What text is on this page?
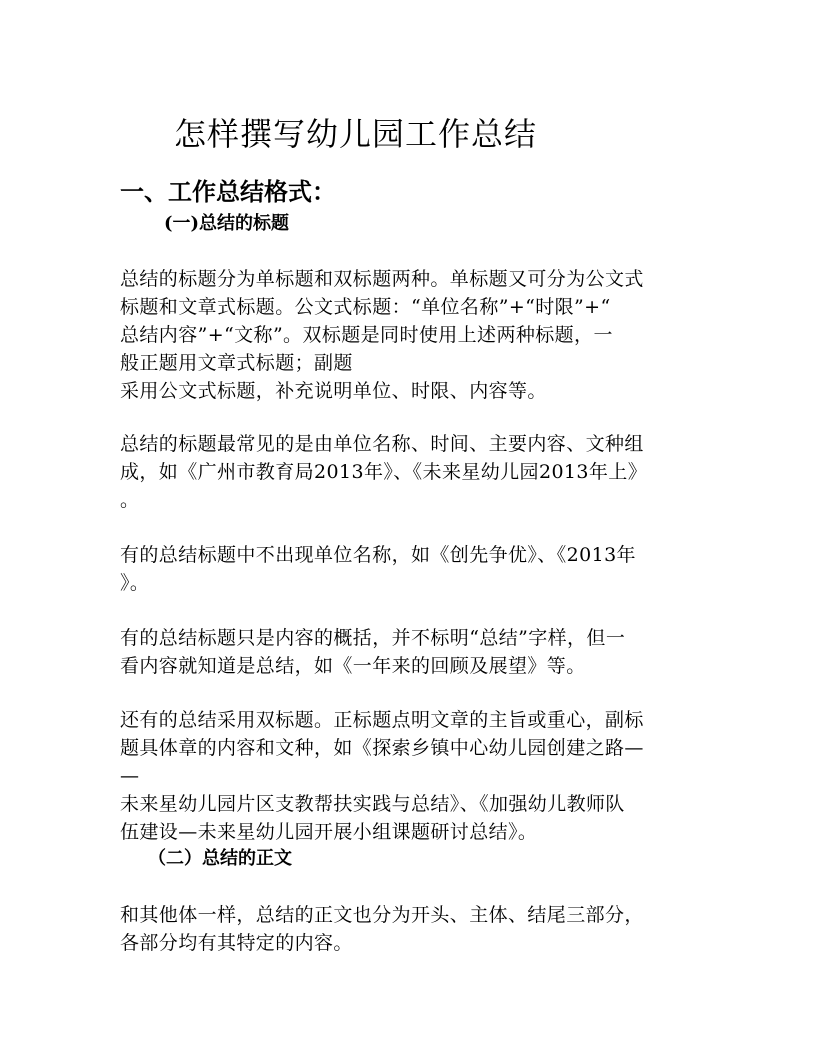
怎样撰写幼儿园工作总结
一、工作总结格式：
(一)总结的标题
总结的标题分为单标题和双标题两种。单标题又可分为公文式
标题和文章式标题。公文式标题：“单位名称”+“时限”+“
总结内容”+“文称”。双标题是同时使用上述两种标题，一
般正题用文章式标题；副题
采用公文式标题，补充说明单位、时限、内容等。
总结的标题最常见的是由单位名称、时间、主要内容、文种组
成，如《广州市教育局2013年》、《未来星幼儿园2013年上》
。
有的总结标题中不出现单位名称，如《创先争优》、《2013年
》。
有的总结标题只是内容的概括，并不标明“总结”字样，但一
看内容就知道是总结，如《一年来的回顾及展望》等。
还有的总结采用双标题。正标题点明文章的主旨或重心，副标
题具体章的内容和文种，如《探索乡镇中心幼儿园创建之路—
—
未来星幼儿园片区支教帮扶实践与总结》、《加强幼儿教师队
伍建设—未来星幼儿园开展小组课题研讨总结》。
（二）总结的正文
和其他体一样，总结的正文也分为开头、主体、结尾三部分，
各部分均有其特定的内容。
